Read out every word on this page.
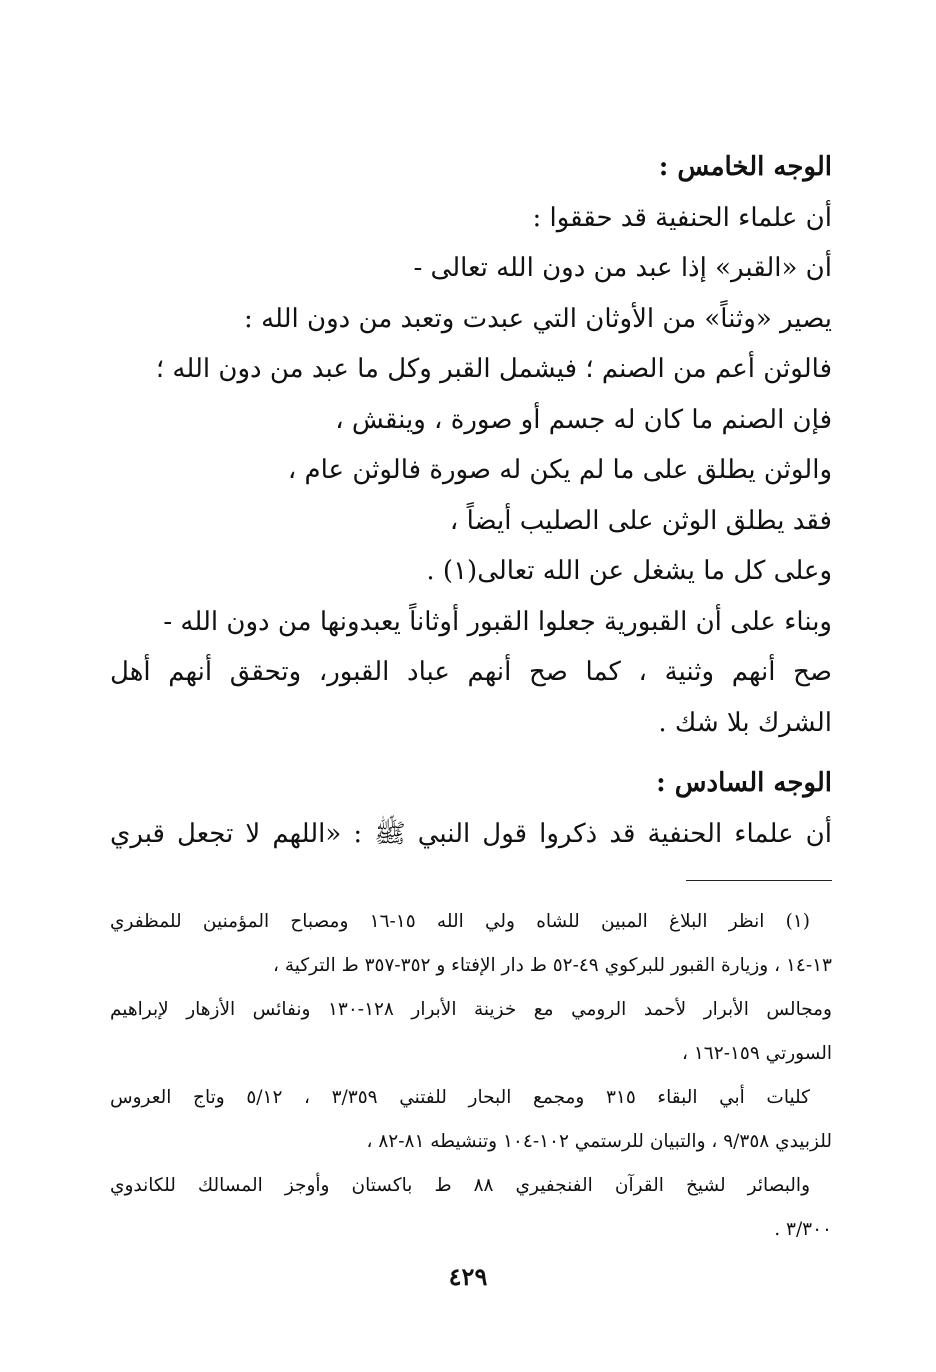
الوجه الخامس :
أن علماء الحنفية قد حققوا :
أن «القبر» إذا عبد من دون الله تعالى -
يصير «وثناً» من الأوثان التي عبدت وتعبد من دون الله :
فالوثن أعم من الصنم ؛ فيشمل القبر وكل ما عبد من دون الله ؛
فإن الصنم ما كان له جسم أو صورة ، وينقش ،
والوثن يطلق على ما لم يكن له صورة فالوثن عام ،
فقد يطلق الوثن على الصليب أيضاً ،
وعلى كل ما يشغل عن الله تعالى(١) .
وبناء على أن القبورية جعلوا القبور أوثاناً يعبدونها من دون الله -
صح أنهم وثنية ، كما صح أنهم عباد القبور، وتحقق أنهم أهل
الشرك بلا شك .
الوجه السادس :
أن علماء الحنفية قد ذكروا قول النبي ﷺ : «اللهم لا تجعل قبري
(١) انظر البلاغ المبين للشاه ولي الله ١٥-١٦ ومصباح المؤمنين للمظفري
١٣-١٤ ، وزيارة القبور للبركوي ٤٩-٥٢ ط دار الإفتاء و ٣٥٢-٣٥٧ ط التركية ،
ومجالس الأبرار لأحمد الرومي مع خزينة الأبرار ١٢٨-١٣٠ ونفائس الأزهار لإبراهيم
السورتي ١٥٩-١٦٢ ،
كليات أبي البقاء ٣١٥ ومجمع البحار للفتني ٣/٣٥٩ ، ٥/١٢ وتاج العروس
للزبيدي ٩/٣٥٨ ، والتبيان للرستمي ١٠٢-١٠٤ وتنشيطه ٨١-٨٢ ،
والبصائر لشيخ القرآن الفنجفيري ٨٨ ط باكستان وأوجز المسالك للكاندوي
٣/٣٠٠ .
٤٢٩
